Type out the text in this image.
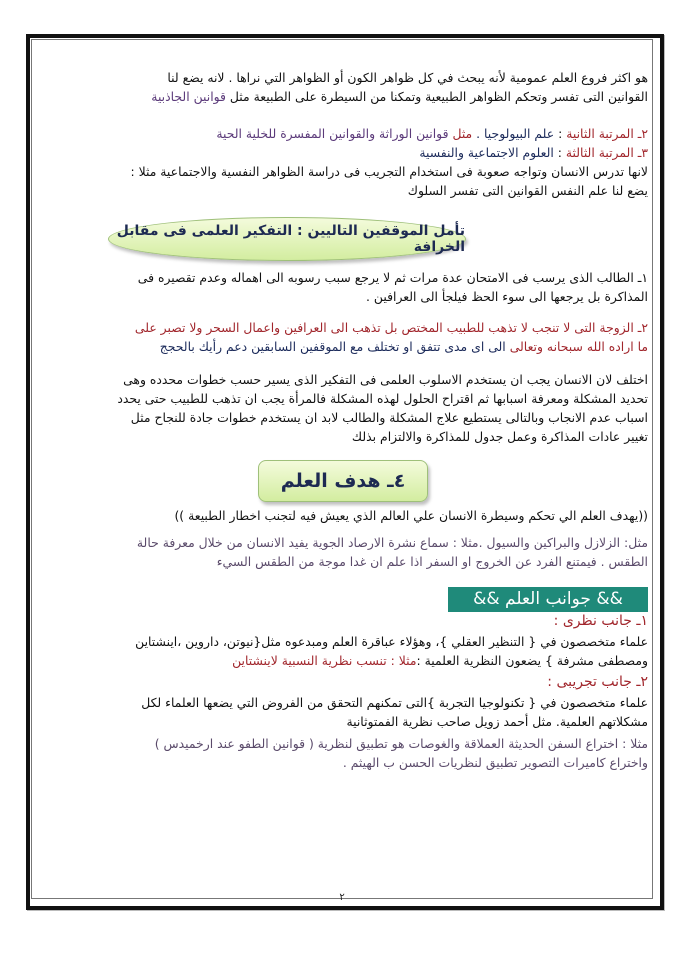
هو اكثر فروع العلم عمومية لأنه يبحث في كل ظواهر الكون أو الظواهر التي نراها . لانه يضع لنا
القوانين التى تفسر وتحكم الظواهر الطبيعية وتمكنا من السيطرة على الطبيعة مثل قوانين الجاذبية
٢ـ المرتبة الثانية : علم البيولوجيا . مثل قوانين الوراثة والقوانين المفسرة للخلية الحية
٣ـ المرتبة الثالثة : العلوم الاجتماعية والنفسية
لانها تدرس الانسان وتواجه صعوبة فى استخدام التجريب فى دراسة الظواهر النفسية والاجتماعية مثلا :
يضع لنا علم النفس القوانين التى تفسر السلوك
تأمل الموقفين التاليين : التفكير العلمى فى مقابل الخرافة
١ـ الطالب الذى يرسب فى الامتحان عدة مرات ثم لا يرجع سبب رسوبه الى اهماله وعدم تقصيره فى
المذاكرة بل يرجعها الى سوء الحظ فيلجأ الى العرافين .
٢ـ الزوجة التى لا تنجب لا تذهب للطبيب المختص بل تذهب الى العرافين واعمال السحر ولا تصبر على
ما اراده الله سبحانه وتعالى الى اى مدى تتفق او تختلف مع الموقفين السابقين دعم رأيك بالحجج
اختلف لان الانسان يجب ان يستخدم الاسلوب العلمى فى التفكير الذى يسير حسب خطوات محدده وهى
تحديد المشكلة ومعرفة اسبابها ثم اقتراح الحلول لهذه المشكلة فالمرأة يجب ان تذهب للطبيب حتى يحدد
اسباب عدم الانجاب وبالتالى يستطيع علاج المشكلة والطالب لابد ان يستخدم خطوات جادة للنجاح مثل
تغيير عادات المذاكرة وعمل جدول للمذاكرة والالتزام بذلك
٤ـ هدف العلم
((يهدف العلم الي تحكم وسيطرة الانسان علي العالم الذي يعيش فيه لتجنب اخطار الطبيعة ))
مثل: الزلازل والبراكين والسيول .مثلا : سماع نشرة الارصاد الجوية يفيد الانسان من خلال معرفة حالة
الطقس . فيمتنع الفرد عن الخروج او السفر اذا علم ان غدا موجة من الطقس السيء
&& جوانب العلم &&
١ـ جانب نظرى :
علماء متخصصون في { التنظير العقلي }، وهؤلاء عباقرة العلم ومبدعوه مثل{نيوتن، داروين ،اينشتاين
ومصطفى مشرفة } يضعون النظرية العلمية :مثلا : تنسب نظرية النسبية لاينشتاين
٢ـ جانب تجريبى :
علماء متخصصون في { تكنولوجيا التجربة }التى تمكنهم التحقق من الفروض التي يضعها العلماء لكل
مشكلاتهم العلمية. مثل أحمد زويل صاحب نظرية الفمتوثانية
مثلا : اختراع السفن الحديثة العملاقة والغوصات هو تطبيق لنظرية ( قوانين الطفو عند ارخميدس )
واختراع كاميرات التصوير تطبيق لنظريات الحسن ب الهيثم .
٢
